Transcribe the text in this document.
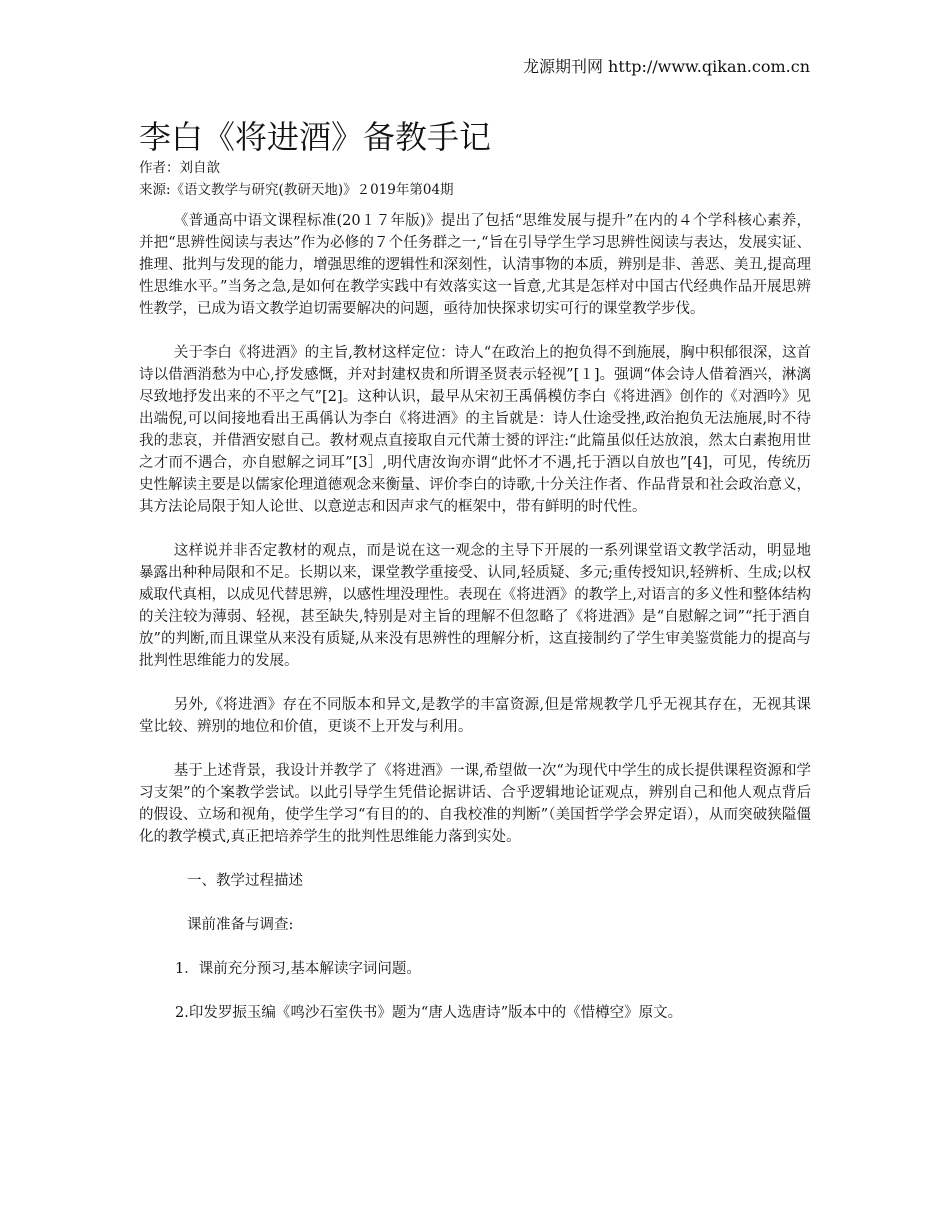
龙源期刊网 http://www.qikan.com.cn
李白《将进酒》备教手记
作者：刘自歆
来源:《语文教学与研究(教研天地)》２019年第04期

《普通高中语文课程标准(20１７年版)》提出了包括“思维发展与提升”在内的４个学科核心素养，并把“思辨性阅读与表达”作为必修的７个任务群之一,“旨在引导学生学习思辨性阅读与表达，发展实证、推理、批判与发现的能力，增强思维的逻辑性和深刻性，认清事物的本质，辨别是非、善恶、美丑,提高理性思维水平。”当务之急,是如何在教学实践中有效落实这一旨意,尤其是怎样对中国古代经典作品开展思辨性教学，已成为语文教学迫切需要解决的问题，亟待加快探求切实可行的课堂教学步伐。

关于李白《将进酒》的主旨,教材这样定位：诗人“在政治上的抱负得不到施展，胸中积郁很深，这首诗以借酒消愁为中心,抒发感慨，并对封建权贵和所谓圣贤表示轻视”[１]。强调“体会诗人借着酒兴，淋漓尽致地抒发出来的不平之气”[2]。这种认识，最早从宋初王禹偁模仿李白《将进酒》创作的《对酒吟》见出端倪,可以间接地看出王禹偁认为李白《将进酒》的主旨就是：诗人仕途受挫,政治抱负无法施展,时不待我的悲哀，并借酒安慰自己。教材观点直接取自元代萧士赟的评注:“此篇虽似任达放浪，然太白素抱用世之才而不遇合，亦自慰解之词耳”[3］,明代唐汝询亦谓“此怀才不遇,托于酒以自放也”[4]，可见，传统历史性解读主要是以儒家伦理道德观念来衡量、评价李白的诗歌,十分关注作者、作品背景和社会政治意义，其方法论局限于知人论世、以意逆志和因声求气的框架中，带有鲜明的时代性。

这样说并非否定教材的观点，而是说在这一观念的主导下开展的一系列课堂语文教学活动，明显地暴露出种种局限和不足。长期以来，课堂教学重接受、认同,轻质疑、多元;重传授知识,轻辨析、生成;以权威取代真相，以成见代替思辨，以感性埋没理性。表现在《将进酒》的教学上,对语言的多义性和整体结构的关注较为薄弱、轻视，甚至缺失,特别是对主旨的理解不但忽略了《将进酒》是“自慰解之词”“托于酒自放”的判断,而且课堂从来没有质疑,从来没有思辨性的理解分析，这直接制约了学生审美鉴赏能力的提高与批判性思维能力的发展。

另外,《将进酒》存在不同版本和异文,是教学的丰富资源,但是常规教学几乎无视其存在，无视其课堂比较、辨别的地位和价值，更谈不上开发与利用。

基于上述背景，我设计并教学了《将进酒》一课,希望做一次“为现代中学生的成长提供课程资源和学习支架”的个案教学尝试。以此引导学生凭借论据讲话、合乎逻辑地论证观点，辨别自己和他人观点背后的假设、立场和视角，使学生学习“有目的的、自我校准的判断”（美国哲学学会界定语），从而突破狭隘僵化的教学模式,真正把培养学生的批判性思维能力落到实处。

一、教学过程描述

课前准备与调查:

1．课前充分预习,基本解读字词问题。

2.印发罗振玉编《鸣沙石室佚书》题为“唐人选唐诗”版本中的《惜樽空》原文。
